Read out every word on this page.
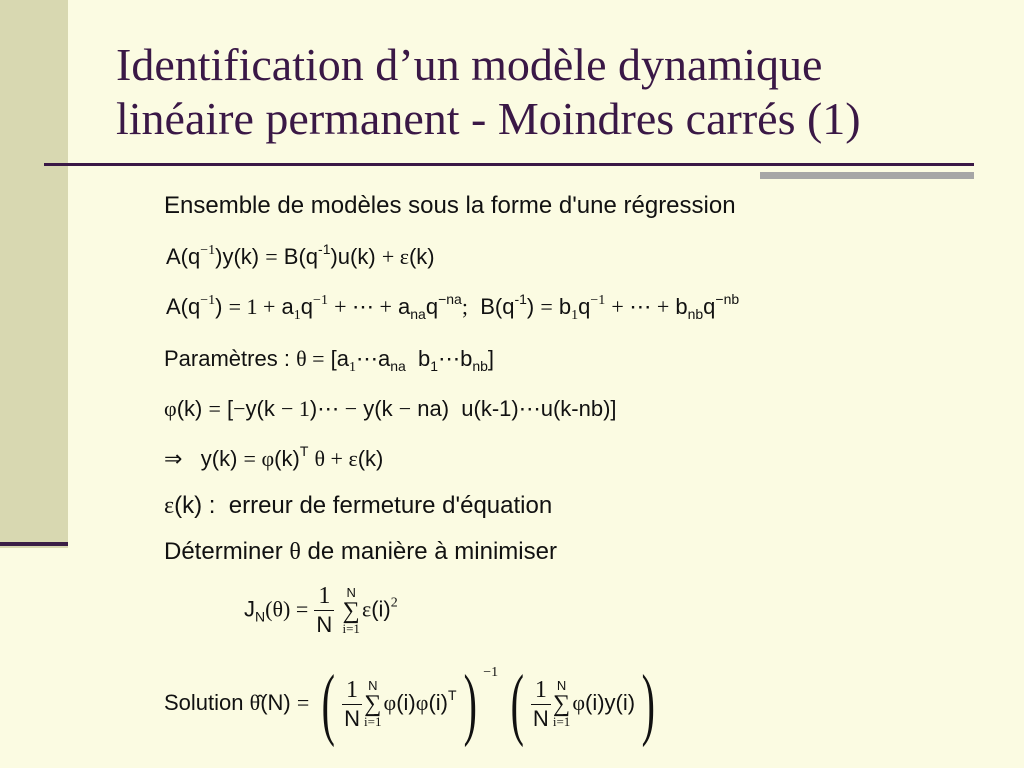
Identification d’un modèle dynamique
linéaire permanent - Moindres carrés (1)
Ensemble de modèles sous la forme d'une régression
$A(q^{-1})y(k) = B(q^{-1})u(k) + \varepsilon(k)$
$A(q^{-1}) = 1 + a_1q^{-1}$ + ⋯ + $a_{na}q^{-na}$;  $B(q^{-1}) = b_1q^{-1}$ + ⋯ + $b_{nb}q^{-nb}$
Paramètres : $\theta = [a_1\cdots a_{na}$  $b_1\cdots b_{nb}$]
φ(k) = [−y(k − 1)⋯ − y(k − na)  u(k-1)⋯u(k-nb)]
⇒   $y(k) = \varphi(k)^T$ θ + ε(k)
ε(k) : erreur de fermeture d'équation
Déterminer θ de manière à minimiser
$J_N(\theta) = \frac{1}{N}$ N
∑
$i=1\varepsilon(i)^2$
Solution θ̂(N) = ( $\frac{1}{N}$ N
∑
$i=1\varphi(i)\varphi(i)^T$) $^{-1}$ ( $\frac{1}{N}$ N
∑
i=1φ(i)y(i))
